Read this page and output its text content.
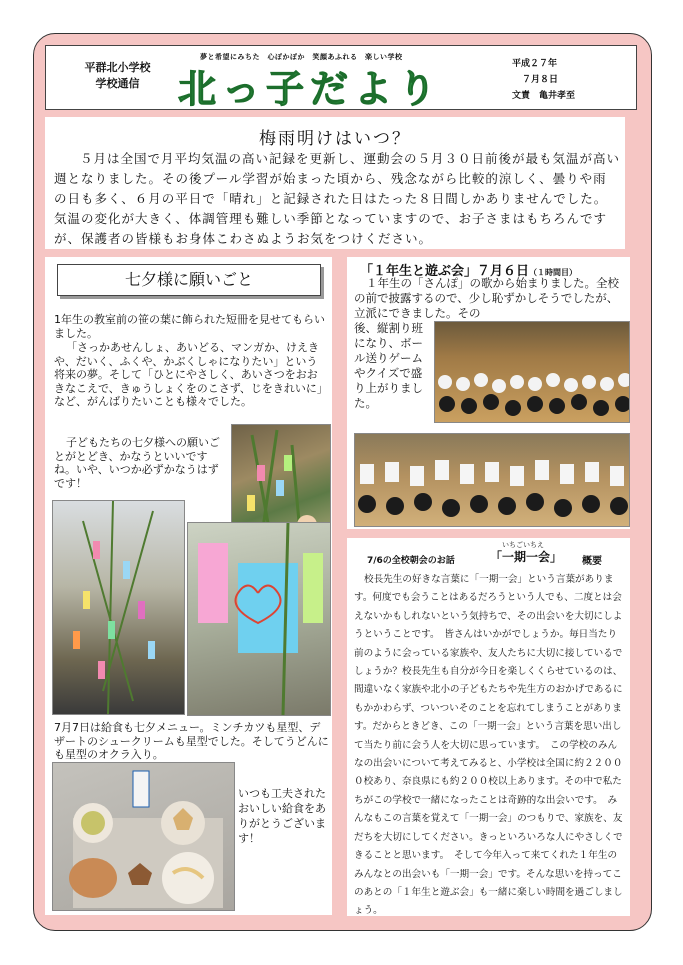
平群北小学校
学校通信
夢と希望にみちた　心ぽかぽか　笑顔あふれる　楽しい学校
北っ子だより
平成２７年
７月８日
文責　亀井孝至
梅雨明けはいつ？
５月は全国で月平均気温の高い記録を更新し、運動会の５月３０日前後が最も気温が高い週となりました。その後プール学習が始まった頃から、残念ながら比較的涼しく、曇りや雨の日も多く、６月の平日で「晴れ」と記録された日はたった８日間しかありませんでした。気温の変化が大きく、体調管理も難しい季節となっていますので、お子さまはもちろんですが、保護者の皆様もお身体こわさぬようお気をつけください。
七夕様に願いごと
1年生の教室前の笹の葉に飾られた短冊を見せてもらいました。
「さっかあせんしょ、あいどる、マンガか、けえきや、だいく、ふくや、かぶくしゃになりたい」という将来の夢。そして「ひとにやさしく、あいさつをおおきなこえで、きゅうしょくをのこさず、じをきれいに」など、がんばりたいことも様々でした。
子どもたちの七夕様への願いごとがとどき、かなうといいですね。いや、いつか必ずかなうはずです！
7月7日は給食も七夕メニュー。ミンチカツも星型、デザートのシュークリームも星型でした。そしてうどんにも星型のオクラ入り。
いつも工夫されたおいしい給食をありがとうございます！
「１年生と遊ぶ会」７月６日（１時間目）
１年生の「さんぽ」の歌から始まりました。全校の前で披露するので、少し恥ずかしそうでしたが、立派にできました。その
後、縦割り班になり、ボール送りゲームやクイズで盛り上がりました。
7/6の全校朝会のお話
いちごいちえ
「一期一会」 概要
校長先生の好きな言葉に「一期一会」という言葉があります。何度でも会うことはあるだろうという人でも、二度とは会えないかもしれないという気持ちで、その出会いを大切にしようということです。　皆さんはいかがでしょうか。毎日当たり前のように会っている家族や、友人たちに大切に接しているでしょうか？校長先生も自分が今日を楽しくくらせているのは、間違いなく家族や北小の子どもたちや先生方のおかげであるにもかかわらず、ついついそのことを忘れてしまうことがあります。だからときどき、この「一期一会」という言葉を思い出して当たり前に会う人を大切に思っています。　この学校のみんなの出会いについて考えてみると、小学校は全国に約２２０００校あり、奈良県にも約２００校以上あります。その中で私たちがこの学校で一緒になったことは奇跡的な出会いです。　みんなもこの言葉を覚えて「一期一会」のつもりで、家族を、友だちを大切にしてください。きっといろいろな人にやさしくできることと思います。　そして今年入って来てくれた１年生のみんなとの出会いも「一期一会」です。そんな思いを持ってこのあとの「１年生と遊ぶ会」も一緒に楽しい時間を過ごしましょう。
